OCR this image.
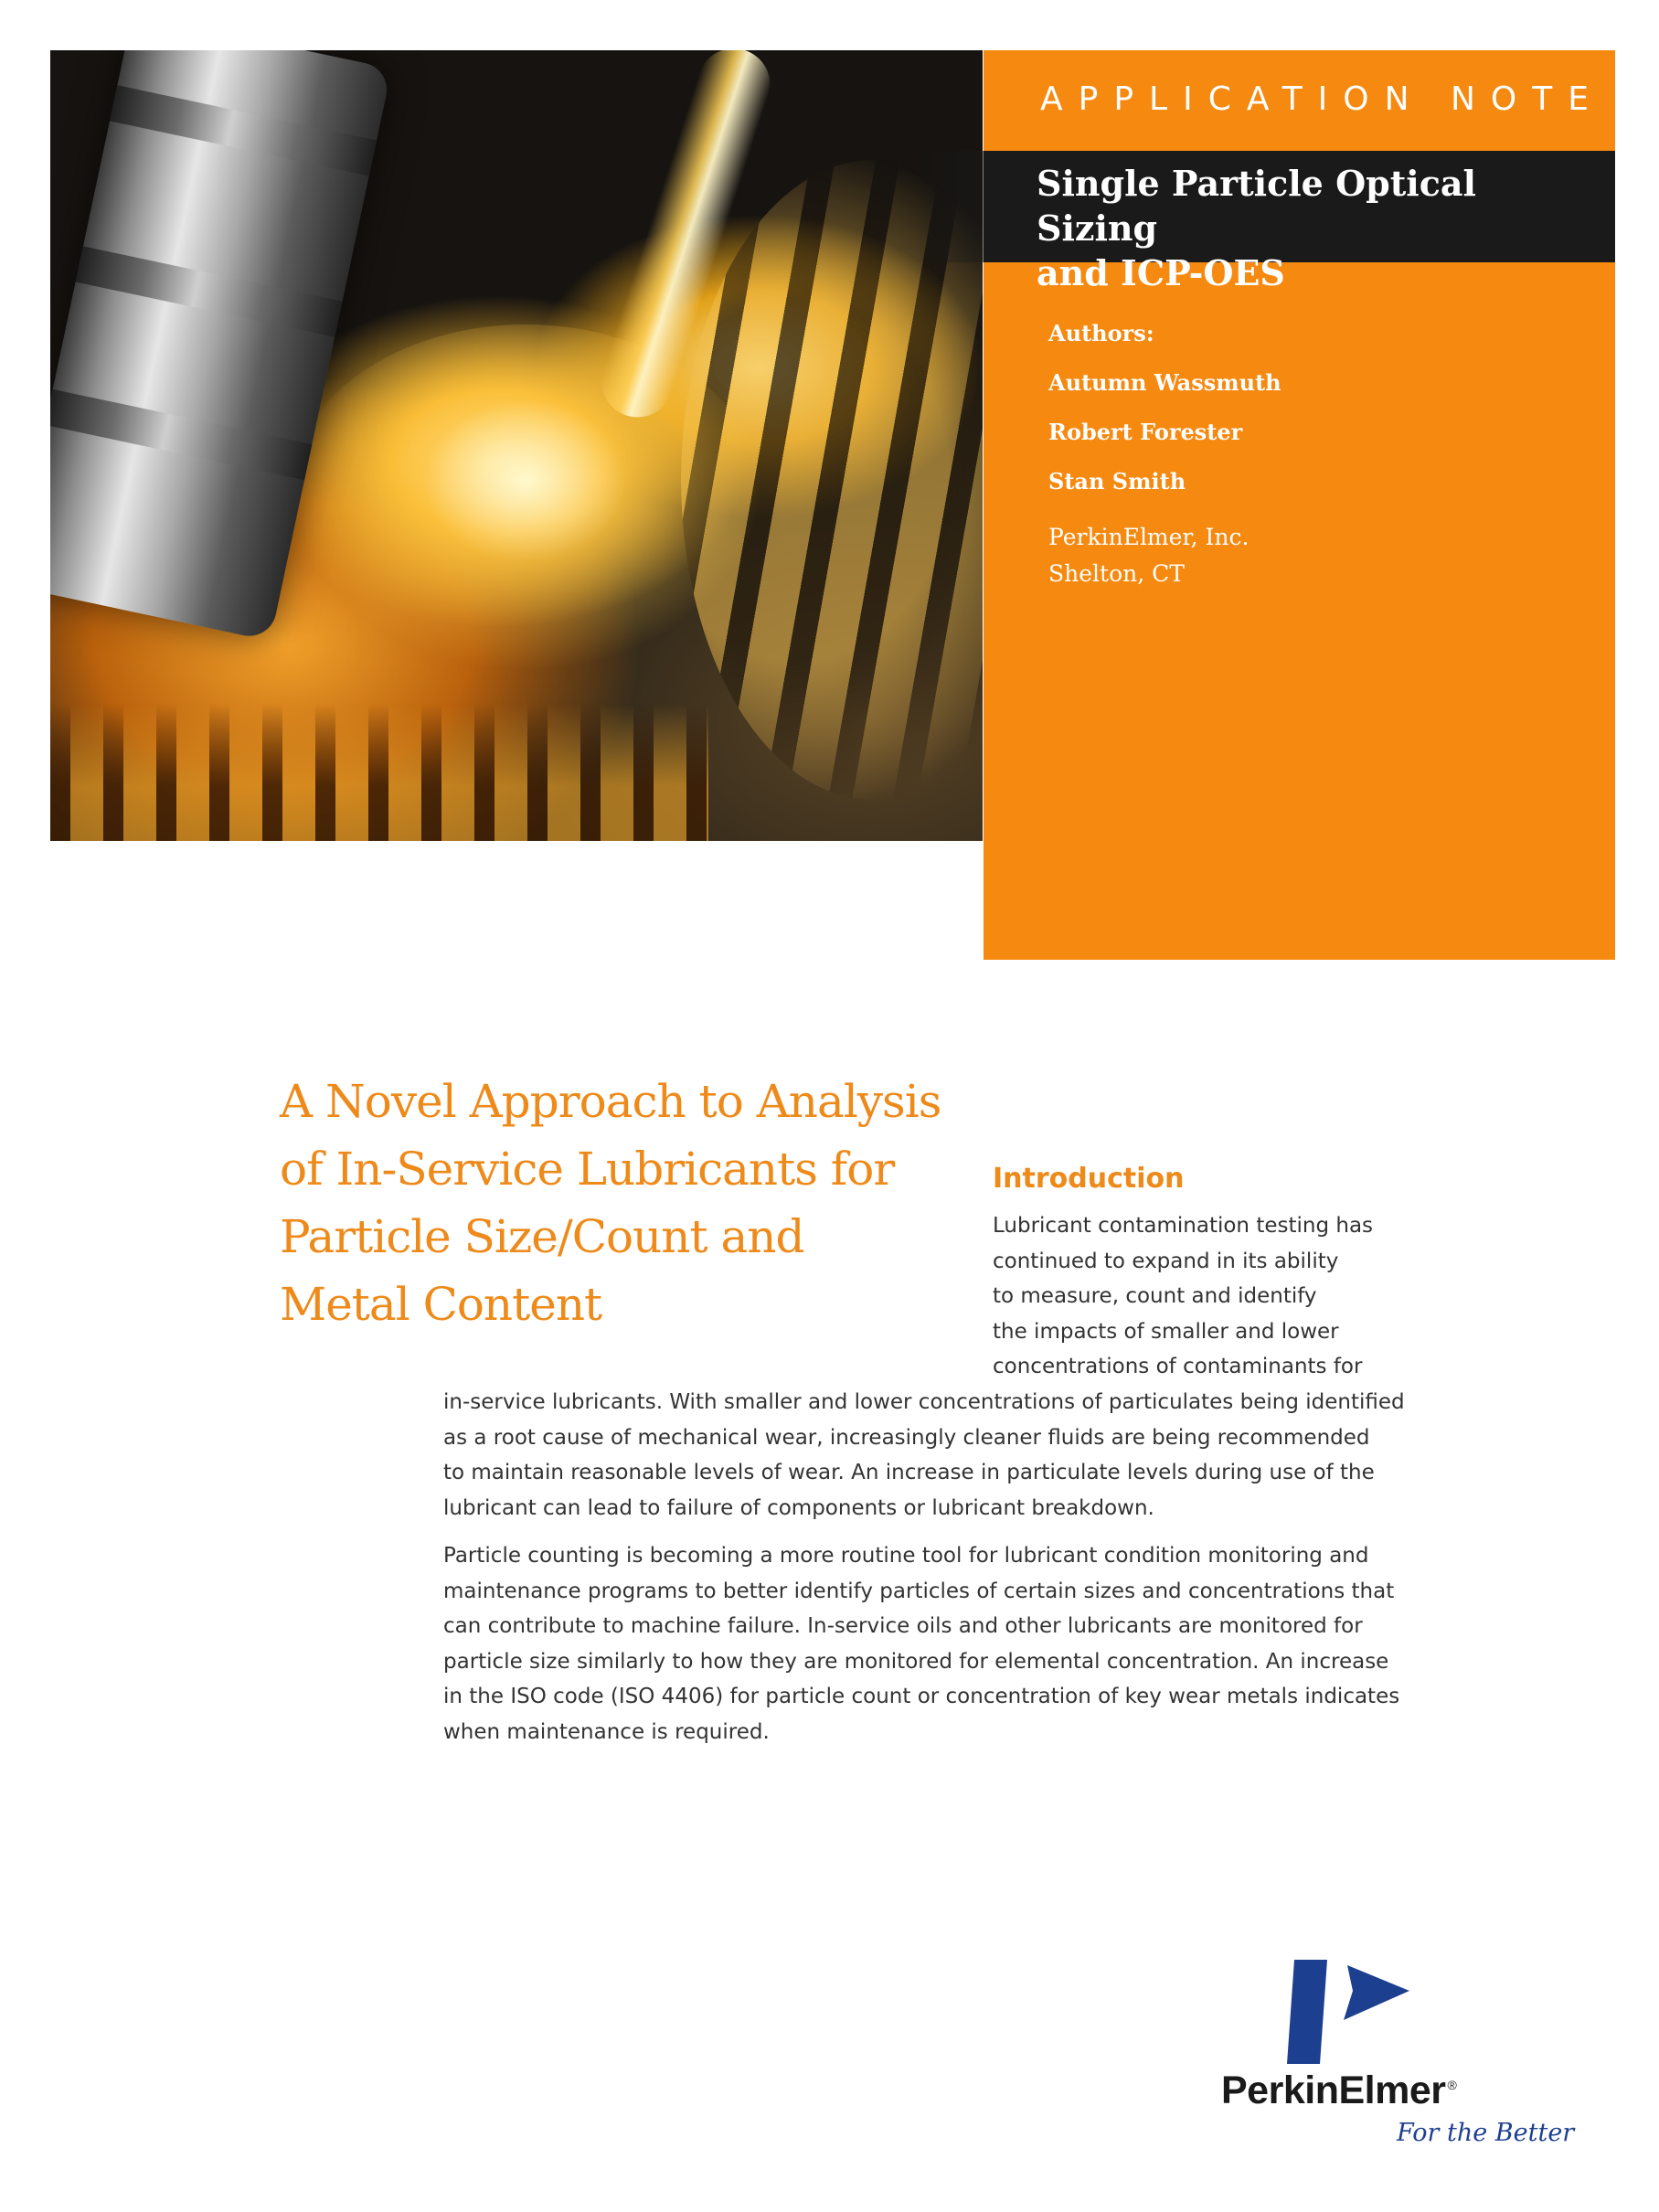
APPLICATION NOTE
Single Particle Optical Sizing
and ICP-OES
Authors:
Autumn Wassmuth
Robert Forester
Stan Smith
PerkinElmer, Inc.
Shelton, CT
A Novel Approach to Analysis
of In-Service Lubricants for
Particle Size/Count and
Metal Content
Introduction
Lubricant contamination testing has
continued to expand in its ability
to measure, count and identify
the impacts of smaller and lower
concentrations of contaminants for
in-service lubricants. With smaller and lower concentrations of particulates being identified
as a root cause of mechanical wear, increasingly cleaner fluids are being recommended
to maintain reasonable levels of wear. An increase in particulate levels during use of the
lubricant can lead to failure of components or lubricant breakdown.
Particle counting is becoming a more routine tool for lubricant condition monitoring and
maintenance programs to better identify particles of certain sizes and concentrations that
can contribute to machine failure. In-service oils and other lubricants are monitored for
particle size similarly to how they are monitored for elemental concentration. An increase
in the ISO code (ISO 4406) for particle count or concentration of key wear metals indicates
when maintenance is required.
PerkinElmer ®
For the Better
